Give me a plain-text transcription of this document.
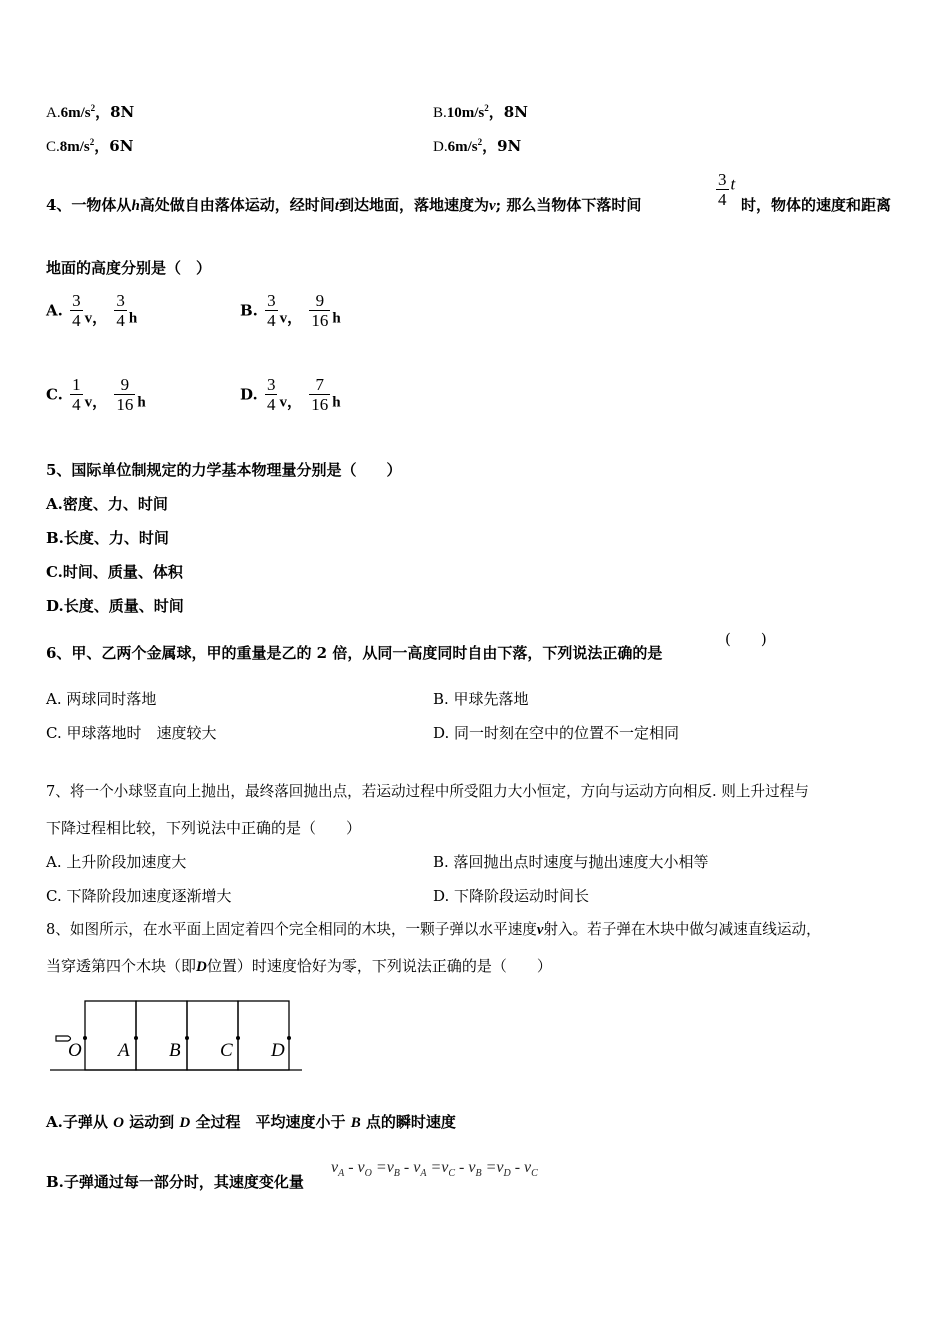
$A.6m/s^2$，8N	$B.10m/s^2$，8N
$C.8m/s^2$，6N	$D.6m/s^2$，9N
4、一物体从h高处做自由落体运动，经时间t到达地面，落地速度为v; 那么当物体下落时间	$\frac{3}{4}$ t
时，物体的速度和距离
地面的高度分别是（　）
A. $\frac{3}{4}$ v， $\frac{3}{4}$ h	B. $\frac{3}{4}$ v， $\frac{9}{16}$ h
C. $\frac{1}{4}$ v， $\frac{9}{16}$ h	D. $\frac{3}{4}$ v， $\frac{7}{16}$ h
5、国际单位制规定的力学基本物理量分别是（　　）
A.密度、力、时间
B.长度、力、时间
C.时间、质量、体积
D.长度、质量、时间
6、甲、乙两个金属球，甲的重量是乙的 2 倍，从同一高度同时自由下落，下列说法正确的是
(　　)
A. 两球同时落地	B. 甲球先落地
C. 甲球落地时　速度较大	D. 同一时刻在空中的位置不一定相同
7、将一个小球竖直向上抛出，最终落回抛出点，若运动过程中所受阻力大小恒定，方向与运动方向相反. 则上升过程与
下降过程相比较，下列说法中正确的是（　　）
A. 上升阶段加速度大	B. 落回抛出点时速度与抛出速度大小相等
C. 下降阶段加速度逐渐增大	D. 下降阶段运动时间长
8、如图所示，在水平面上固定着四个完全相同的木块，一颗子弹以水平速度v射入。若子弹在木块中做匀减速直线运动，
当穿透第四个木块（即D位置）时速度恰好为零，下列说法正确的是（　　）
O A B C D
A.子弹从 O 运动到 D 全过程　平均速度小于 B 点的瞬时速度
B.子弹通过每一部分时，其速度变化量
$v_A - v_O =v_B - v_A =v_C - v_B =v_D - v_C$
